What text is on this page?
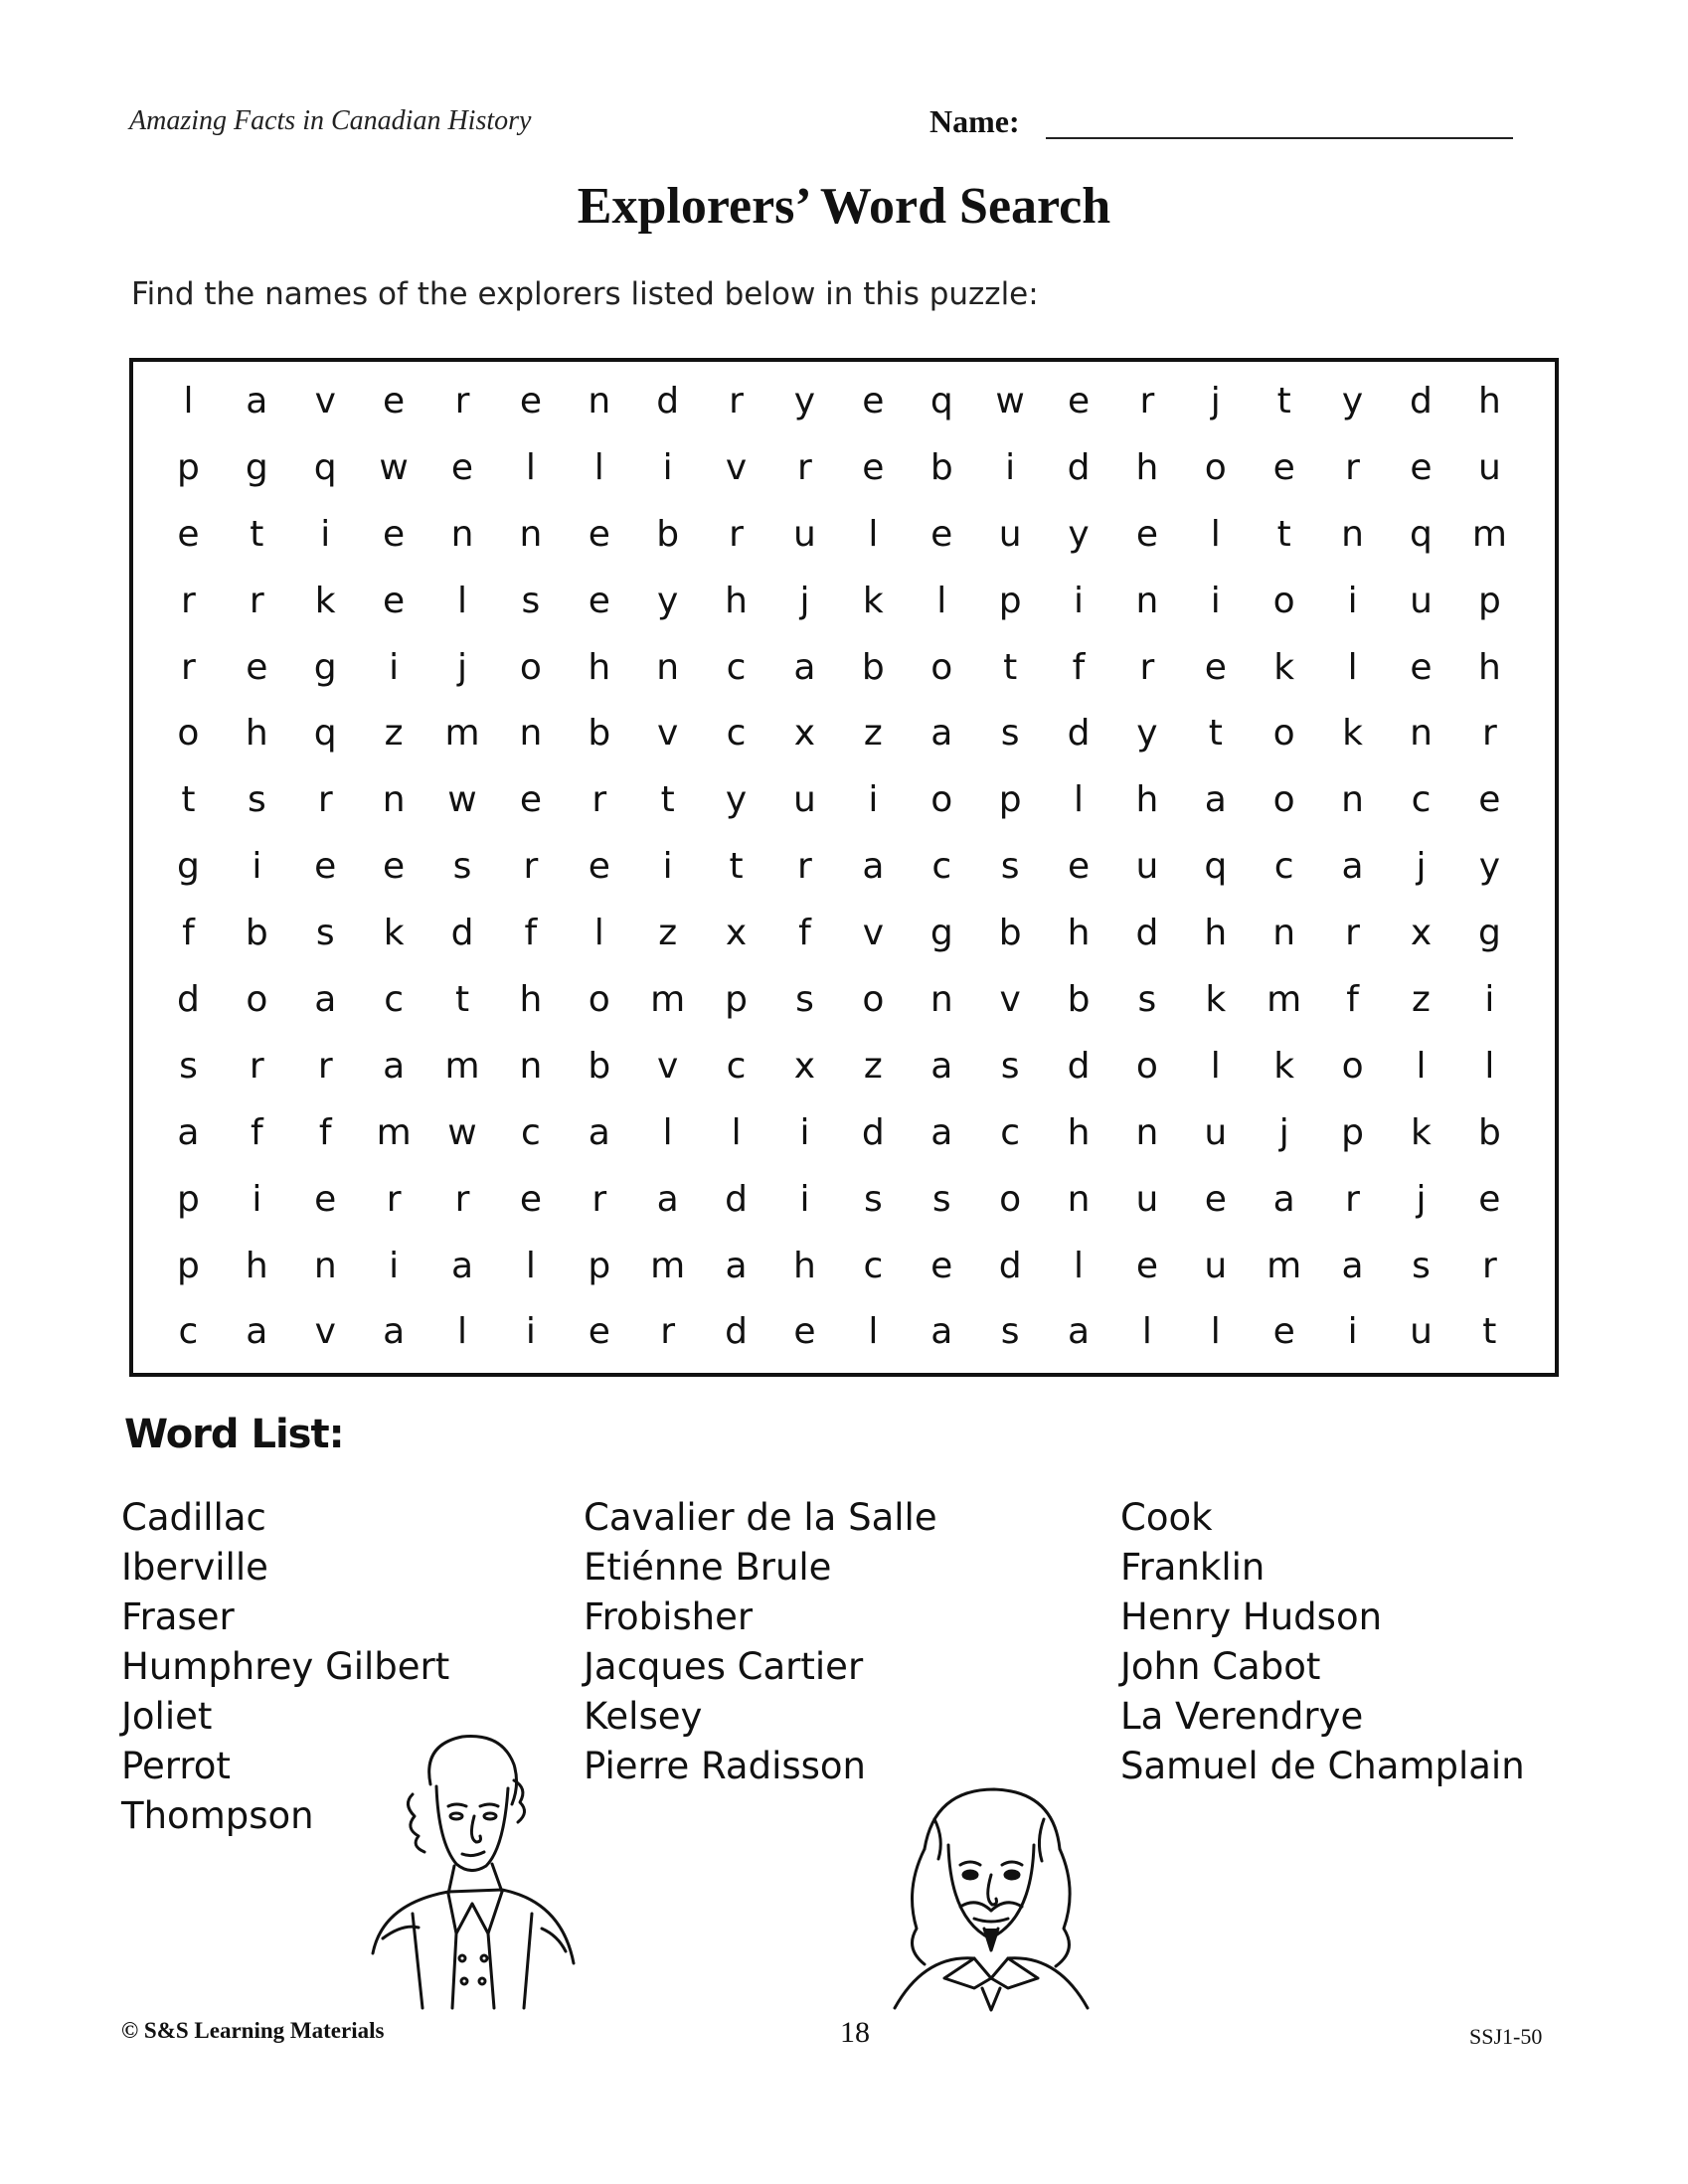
Amazing Facts in Canadian History	Name:
Explorers’ Word Search
Find the names of the explorers listed below in this puzzle:
l	a	v	e	r	e	n	d	r	y	e	q	w	e	r	j	t	y	d	h
p	g	q	w	e	l	l	i	v	r	e	b	i	d	h	o	e	r	e	u
e	t	i	e	n	n	e	b	r	u	l	e	u	y	e	l	t	n	q	m
r	r	k	e	l	s	e	y	h	j	k	l	p	i	n	i	o	i	u	p
r	e	g	i	j	o	h	n	c	a	b	o	t	f	r	e	k	l	e	h
o	h	q	z	m	n	b	v	c	x	z	a	s	d	y	t	o	k	n	r
t	s	r	n	w	e	r	t	y	u	i	o	p	l	h	a	o	n	c	e
g	i	e	e	s	r	e	i	t	r	a	c	s	e	u	q	c	a	j	y
f	b	s	k	d	f	l	z	x	f	v	g	b	h	d	h	n	r	x	g
d	o	a	c	t	h	o	m	p	s	o	n	v	b	s	k	m	f	z	i
s	r	r	a	m	n	b	v	c	x	z	a	s	d	o	l	k	o	l	l
a	f	f	m	w	c	a	l	l	i	d	a	c	h	n	u	j	p	k	b
p	i	e	r	r	e	r	a	d	i	s	s	o	n	u	e	a	r	j	e
p	h	n	i	a	l	p	m	a	h	c	e	d	l	e	u	m	a	s	r
c	a	v	a	l	i	e	r	d	e	l	a	s	a	l	l	e	i	u	t
Word List:
Cadillac
Iberville
Fraser
Humphrey Gilbert
Joliet
Perrot
Thompson
Cavalier de la Salle
Etiénne Brule
Frobisher
Jacques Cartier
Kelsey
Pierre Radisson
Cook
Franklin
Henry Hudson
John Cabot
La Verendrye
Samuel de Champlain
© S&S Learning Materials	18	SSJ1-50
